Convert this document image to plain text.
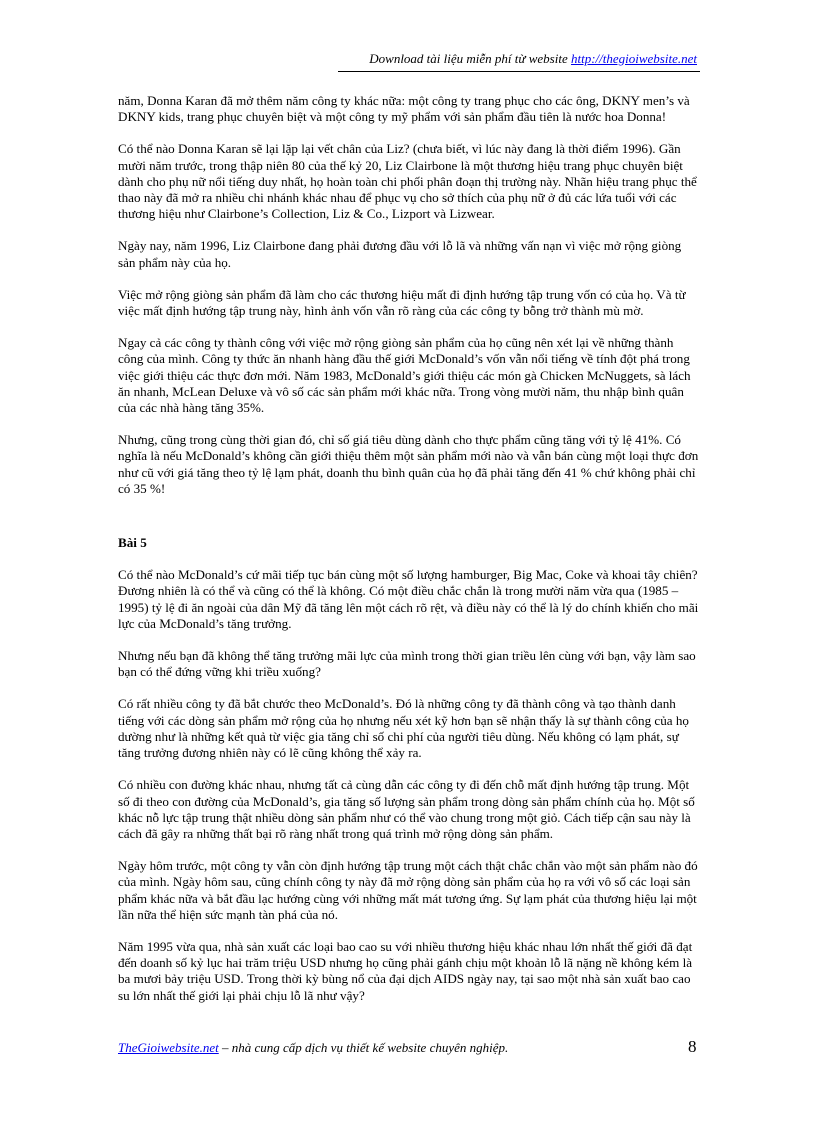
Download tài liệu miễn phí từ website http://thegioiwebsite.net

năm, Donna Karan đã mở thêm năm công ty khác nữa: một công ty trang phục cho các ông, DKNY men’s và DKNY kids, trang phục chuyên biệt và một công ty mỹ phẩm với sản phẩm đầu tiên là nước hoa Donna!

Có thể nào Donna Karan sẽ lại lặp lại vết chân của Liz? (chưa biết, vì lúc này đang là thời điểm 1996). Gần mười năm trước, trong thập niên 80 của thế kỷ 20, Liz Clairbone là một thương hiệu trang phục chuyên biệt dành cho phụ nữ nổi tiếng duy nhất, họ hoàn toàn chi phối phân đoạn thị trường này. Nhãn hiệu trang phục thể thao này đã mở ra nhiều chi nhánh khác nhau để phục vụ cho sở thích của phụ nữ ở đủ các lứa tuổi với các thương hiệu như Clairbone’s Collection, Liz & Co., Lizport và Lizwear.

Ngày nay, năm 1996, Liz Clairbone đang phải đương đầu với lỗ lã và những vấn nạn vì việc mở rộng giòng sản phẩm này của họ.

Việc mở rộng giòng sản phẩm đã làm cho các thương hiệu mất đi định hướng tập trung vốn có của họ. Và từ việc mất định hướng tập trung này, hình ảnh vốn vẫn rõ ràng của các công ty bỗng trở thành mù mờ.

Ngay cả các công ty thành công với việc mở rộng giòng sản phẩm của họ cũng nên xét lại về những thành công của mình. Công ty thức ăn nhanh hàng đầu thế giới McDonald’s vốn vẫn nổi tiếng về tính đột phá trong việc giới thiệu các thực đơn mới. Năm 1983, McDonald’s giới thiệu các món gà Chicken McNuggets, sà lách ăn nhanh, McLean Deluxe và vô số các sản phẩm mới khác nữa. Trong vòng mười năm, thu nhập bình quân của các nhà hàng tăng 35%.

Nhưng, cũng trong cùng thời gian đó, chỉ số giá tiêu dùng dành cho thực phẩm cũng tăng với tỷ lệ 41%. Có nghĩa là nếu McDonald’s không cần giới thiệu thêm một sản phẩm mới nào và vẫn bán cùng một loại thực đơn như cũ với giá tăng theo tỷ lệ lạm phát, doanh thu bình quân của họ đã phải tăng đến 41 % chứ không phải chỉ có 35 %!

Bài 5

Có thể nào McDonald’s cứ mãi tiếp tục bán cùng một số lượng hamburger, Big Mac, Coke và khoai tây chiên? Đương nhiên là có thể và cũng có thể là không. Có một điều chắc chắn là trong mười năm vừa qua (1985 – 1995) tỷ lệ đi ăn ngoài của dân Mỹ đã tăng lên một cách rõ rệt, và điều này có thể là lý do chính khiến cho mãi lực của McDonald’s tăng trưởng.

Nhưng nếu bạn đã không thể tăng trưởng mãi lực của mình trong thời gian triều lên cùng với bạn, vậy làm sao bạn có thể đứng vững khi triều xuống?

Có rất nhiều công ty đã bắt chước theo McDonald’s. Đó là những công ty đã thành công và tạo thành danh tiếng với các dòng sản phẩm mở rộng của họ nhưng nếu xét kỹ hơn bạn sẽ nhận thấy là sự thành công của họ dường như là những kết quả từ việc gia tăng chỉ số chi phí của người tiêu dùng. Nếu không có lạm phát, sự tăng trưởng đương nhiên này có lẽ cũng không thể xảy ra.

Có nhiều con đường khác nhau, nhưng tất cả cùng dẫn các công ty đi đến chỗ mất định hướng tập trung. Một số đi theo con đường của McDonald’s, gia tăng số lượng sản phẩm trong dòng sản phẩm chính của họ. Một số khác nỗ lực tập trung thật nhiều dòng sản phẩm như có thể vào chung trong một giỏ. Cách tiếp cận sau này là cách đã gây ra những thất bại rõ ràng nhất trong quá trình mở rộng dòng sản phẩm.

Ngày hôm trước, một công ty vẫn còn định hướng tập trung một cách thật chắc chắn vào một sản phẩm nào đó của mình. Ngày hôm sau, cũng chính công ty này đã mở rộng dòng sản phẩm của họ ra với vô số các loại sản phẩm khác nữa và bắt đầu lạc hướng cùng với những mất mát tương ứng. Sự lạm phát của thương hiệu lại một lần nữa thể hiện sức mạnh tàn phá của nó.

Năm 1995 vừa qua, nhà sản xuất các loại bao cao su với nhiều thương hiệu khác nhau lớn nhất thế giới đã đạt đến doanh số kỷ lục hai trăm triệu USD nhưng họ cũng phải gánh chịu một khoản lỗ lã nặng nề không kém là ba mươi bảy triệu USD. Trong thời kỳ bùng nổ của đại dịch AIDS ngày nay, tại sao một nhà sản xuất bao cao su lớn nhất thế giới lại phải chịu lỗ lã như vậy?

TheGioiwebsite.net – nhà cung cấp dịch vụ thiết kế website chuyên nghiệp.	8
